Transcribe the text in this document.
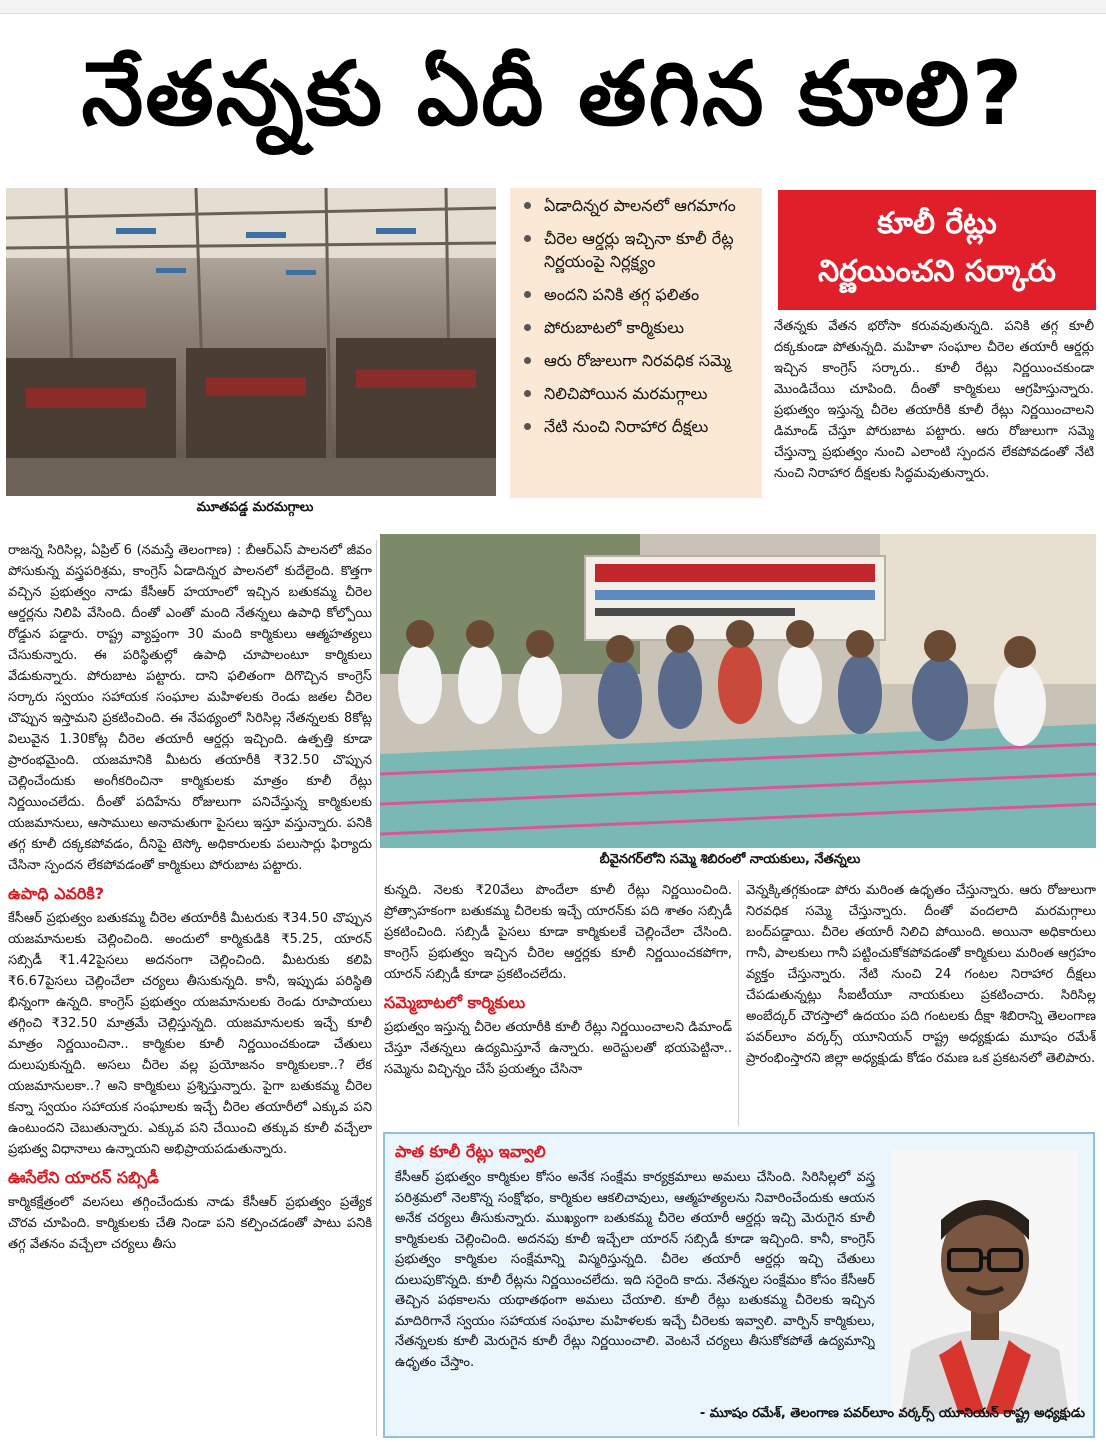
నేతన్నకు ఏదీ తగిన కూలి?
మూతపడ్డ మరమగ్గాలు
ఏడాదిన్నర పాలనలో ఆగమాగం
చీరెల ఆర్డర్లు ఇచ్చినా కూలీ రేట్ల నిర్ణయంపై నిర్లక్ష్యం
అందని పనికి తగ్గ ఫలితం
పోరుబాటలో కార్మికులు
ఆరు రోజులుగా నిరవధిక సమ్మె
నిలిచిపోయిన మరమగ్గాలు
నేటి నుంచి నిరాహార దీక్షలు
కూలీ రేట్లు
నిర్ణయించని సర్కారు
నేతన్నకు వేతన భరోసా కరువవుతున్నది. పనికి తగ్గ కూలీ దక్కకుండా పోతున్నది. మహిళా సంఘాల చీరెల తయారీ ఆర్డర్లు ఇచ్చిన కాంగ్రెస్ సర్కారు.. కూలీ రేట్లు నిర్ణయించకుండా మొండిచేయి చూపింది. దీంతో కార్మికులు ఆగ్రహిస్తున్నారు. ప్రభుత్వం ఇస్తున్న చీరెల తయారీకి కూలీ రేట్లు నిర్ణయించాలని డిమాండ్ చేస్తూ పోరుబాట పట్టారు. ఆరు రోజులుగా సమ్మె చేస్తున్నా ప్రభుత్వం నుంచి ఎలాంటి స్పందన లేకపోవడంతో నేటి నుంచి నిరాహార దీక్షలకు సిద్ధమవుతున్నారు.
బీవైనగర్‌లోని సమ్మె శిబిరంలో నాయకులు, నేతన్నలు
రాజన్న సిరిసిల్ల, ఏప్రిల్ 6 (నమస్తే తెలంగాణ) : బీఆర్ఎస్ పాలనలో జీవం పోసుకున్న వస్త్రపరిశ్రమ, కాంగ్రెస్ ఏడాదిన్నర పాలనలో కుదేలైంది. కొత్తగా వచ్చిన ప్రభుత్వం నాడు కేసీఆర్ హయాంలో ఇచ్చిన బతుకమ్మ చీరెల ఆర్డర్లను నిలిపి వేసింది. దీంతో ఎంతో మంది నేతన్నలు ఉపాధి కోల్పోయి రోడ్డున పడ్డారు. రాష్ట్ర వ్యాప్తంగా 30 మంది కార్మికులు ఆత్మహత్యలు చేసుకున్నారు. ఈ పరిస్థితుల్లో ఉపాధి చూపాలంటూ కార్మికులు వేడుకున్నారు. పోరుబాట పట్టారు. దాని ఫలితంగా దిగొచ్చిన కాంగ్రెస్ సర్కారు స్వయం సహాయక సంఘాల మహిళలకు రెండు జతల చీరెల చొప్పున ఇస్తామని ప్రకటించింది. ఈ నేపథ్యంలో సిరిసిల్ల నేతన్నలకు 8కోట్ల విలువైన 1.30కోట్ల చీరెల తయారీ ఆర్డర్లు ఇచ్చింది. ఉత్పత్తి కూడా ప్రారంభమైంది. యజమానికి మీటరు తయారీకి ₹32.50 చొప్పున చెల్లించేందుకు అంగీకరించినా కార్మికులకు మాత్రం కూలీ రేట్లు నిర్ణయించలేదు. దీంతో పదిహేను రోజులుగా పనిచేస్తున్న కార్మికులకు యజమానులు, ఆసాములు అనామతుగా పైసలు ఇస్తూ వస్తున్నారు. పనికి తగ్గ కూలీ దక్కకపోవడం, దీనిపై టెస్కో అధికారులకు పలుసార్లు ఫిర్యాదు చేసినా స్పందన లేకపోవడంతో కార్మికులు పోరుబాట పట్టారు.
ఉపాధి ఎవరికి?
కేసీఆర్ ప్రభుత్వం బతుకమ్మ చీరెల తయారీకి మీటరుకు ₹34.50 చొప్పున యజమానులకు చెల్లించింది. అందులో కార్మికుడికి ₹5.25, యారన్ సబ్సిడీ ₹1.42పైసలు అదనంగా చెల్లించింది. మీటరుకు కలిపి ₹6.67పైసలు చెల్లించేలా చర్యలు తీసుకున్నది. కానీ, ఇప్పుడు పరిస్థితి భిన్నంగా ఉన్నది. కాంగ్రెస్ ప్రభుత్వం యజమానులకు రెండు రూపాయలు తగ్గించి ₹32.50 మాత్రమే చెల్లిస్తున్నది. యజమానులకు ఇచ్చే కూలీ మాత్రం నిర్ణయించినా.. కార్మికుల కూలీ నిర్ణయించకుండా చేతులు దులుపుకున్నది. అసలు చీరెల వల్ల ప్రయోజనం కార్మికులకా..? లేక యజమానులకా..? అని కార్మికులు ప్రశ్నిస్తున్నారు. పైగా బతుకమ్మ చీరెల కన్నా స్వయం సహాయక సంఘాలకు ఇచ్చే చీరెల తయారీలో ఎక్కువ పని ఉంటుందని చెబుతున్నారు. ఎక్కువ పని చేయించి తక్కువ కూలీ వచ్చేలా ప్రభుత్వ విధానాలు ఉన్నాయని అభిప్రాయపడుతున్నారు.
ఊసేలేని యారన్ సబ్సిడీ
కార్మికక్షేత్రంలో వలసలు తగ్గించేందుకు నాడు కేసీఆర్ ప్రభుత్వం ప్రత్యేక చొరవ చూపింది. కార్మికులకు చేతి నిండా పని కల్పించడంతో పాటు పనికి తగ్గ వేతనం వచ్చేలా చర్యలు తీసు
కున్నది. నెలకు ₹20వేలు పొందేలా కూలీ రేట్లు నిర్ణయించింది. ప్రోత్సాహకంగా బతుకమ్మ చీరెలకు ఇచ్చే యారన్‌కు పది శాతం సబ్సిడీ ప్రకటించింది. సబ్సిడీ పైసలు కూడా కార్మికులకే చెల్లించేలా చేసింది. కాంగ్రెస్ ప్రభుత్వం ఇచ్చిన చీరెల ఆర్డర్లకు కూలీ నిర్ణయించకపోగా, యారన్ సబ్సిడీ కూడా ప్రకటించలేదు.
సమ్మెబాటలో కార్మికులు
ప్రభుత్వం ఇస్తున్న చీరెల తయారీకి కూలీ రేట్లు నిర్ణయించాలని డిమాండ్ చేస్తూ నేతన్నలు ఉద్యమిస్తూనే ఉన్నారు. అరెస్టులతో భయపెట్టినా.. సమ్మెను విచ్ఛిన్నం చేసే ప్రయత్నం చేసినా
వెన్నక్కితగ్గకుండా పోరు మరింత ఉధృతం చేస్తున్నారు. ఆరు రోజులుగా నిరవధిక సమ్మె చేస్తున్నారు. దీంతో వందలాది మరమగ్గాలు బంద్‌పడ్డాయి. చీరెల తయారీ నిలిచి పోయింది. అయినా అధికారులు గానీ, పాలకులు గానీ పట్టించుకోకపోవడంతో కార్మికులు మరింత ఆగ్రహం వ్యక్తం చేస్తున్నారు. నేటి నుంచి 24 గంటల నిరాహార దీక్షలు చేపడుతున్నట్లు సీఐటీయూ నాయకులు ప్రకటించారు. సిరిసిల్ల అంబేద్కర్ చౌరస్తాలో ఉదయం పది గంటలకు దీక్షా శిబిరాన్ని తెలంగాణ పవర్‌లూం వర్కర్స్ యూనియన్ రాష్ట్ర అధ్యక్షుడు మూషం రమేశ్ ప్రారంభింస్తారని జిల్లా అధ్యక్షుడు కోడం రమణ ఒక ప్రకటనలో తెలిపారు.
పాత కూలీ రేట్లు ఇవ్వాలి
కేసీఆర్ ప్రభుత్వం కార్మికుల కోసం అనేక సంక్షేమ కార్యక్రమాలు అమలు చేసింది. సిరిసిల్లలో వస్త్ర పరిశ్రమలో నెలకొన్న సంక్షోభం, కార్మికుల ఆకలిచావులు, ఆత్మహత్యలను నివారించేందుకు ఆయన అనేక చర్యలు తీసుకున్నారు. ముఖ్యంగా బతుకమ్మ చీరెల తయారీ ఆర్డర్లు ఇచ్చి మెరుగైన కూలీ కార్మికులకు చెల్లించింది. అదనపు కూలీ ఇచ్చేలా యారన్ సబ్సిడీ కూడా ఇచ్చింది. కానీ, కాంగ్రెస్ ప్రభుత్వం కార్మికుల సంక్షేమాన్ని విస్మరిస్తున్నది. చీరెల తయారీ ఆర్డర్లు ఇచ్చి చేతులు దులుపుకొన్నది. కూలీ రేట్లను నిర్ణయించలేదు. ఇది సరైంది కాదు. నేతన్నల సంక్షేమం కోసం కేసీఆర్ తెచ్చిన పథకాలను యథాతథంగా అమలు చేయాలి. కూలీ రేట్లు బతుకమ్మ చీరెలకు ఇచ్చిన మాదిరిగానే స్వయం సహాయక సంఘాల మహిళలకు ఇచ్చే చీరెలకు ఇవ్వాలి. వార్పిన్ కార్మికులు, నేతన్నలకు కూలీ మెరుగైన కూలీ రేట్లు నిర్ణయించాలి. వెంటనే చర్యలు తీసుకోకపోతే ఉద్యమాన్ని ఉధృతం చేస్తాం.
- మూషం రమేశ్, తెలంగాణ పవర్‌లూం వర్కర్స్ యూనియన్ రాష్ట్ర అధ్యక్షుడు
